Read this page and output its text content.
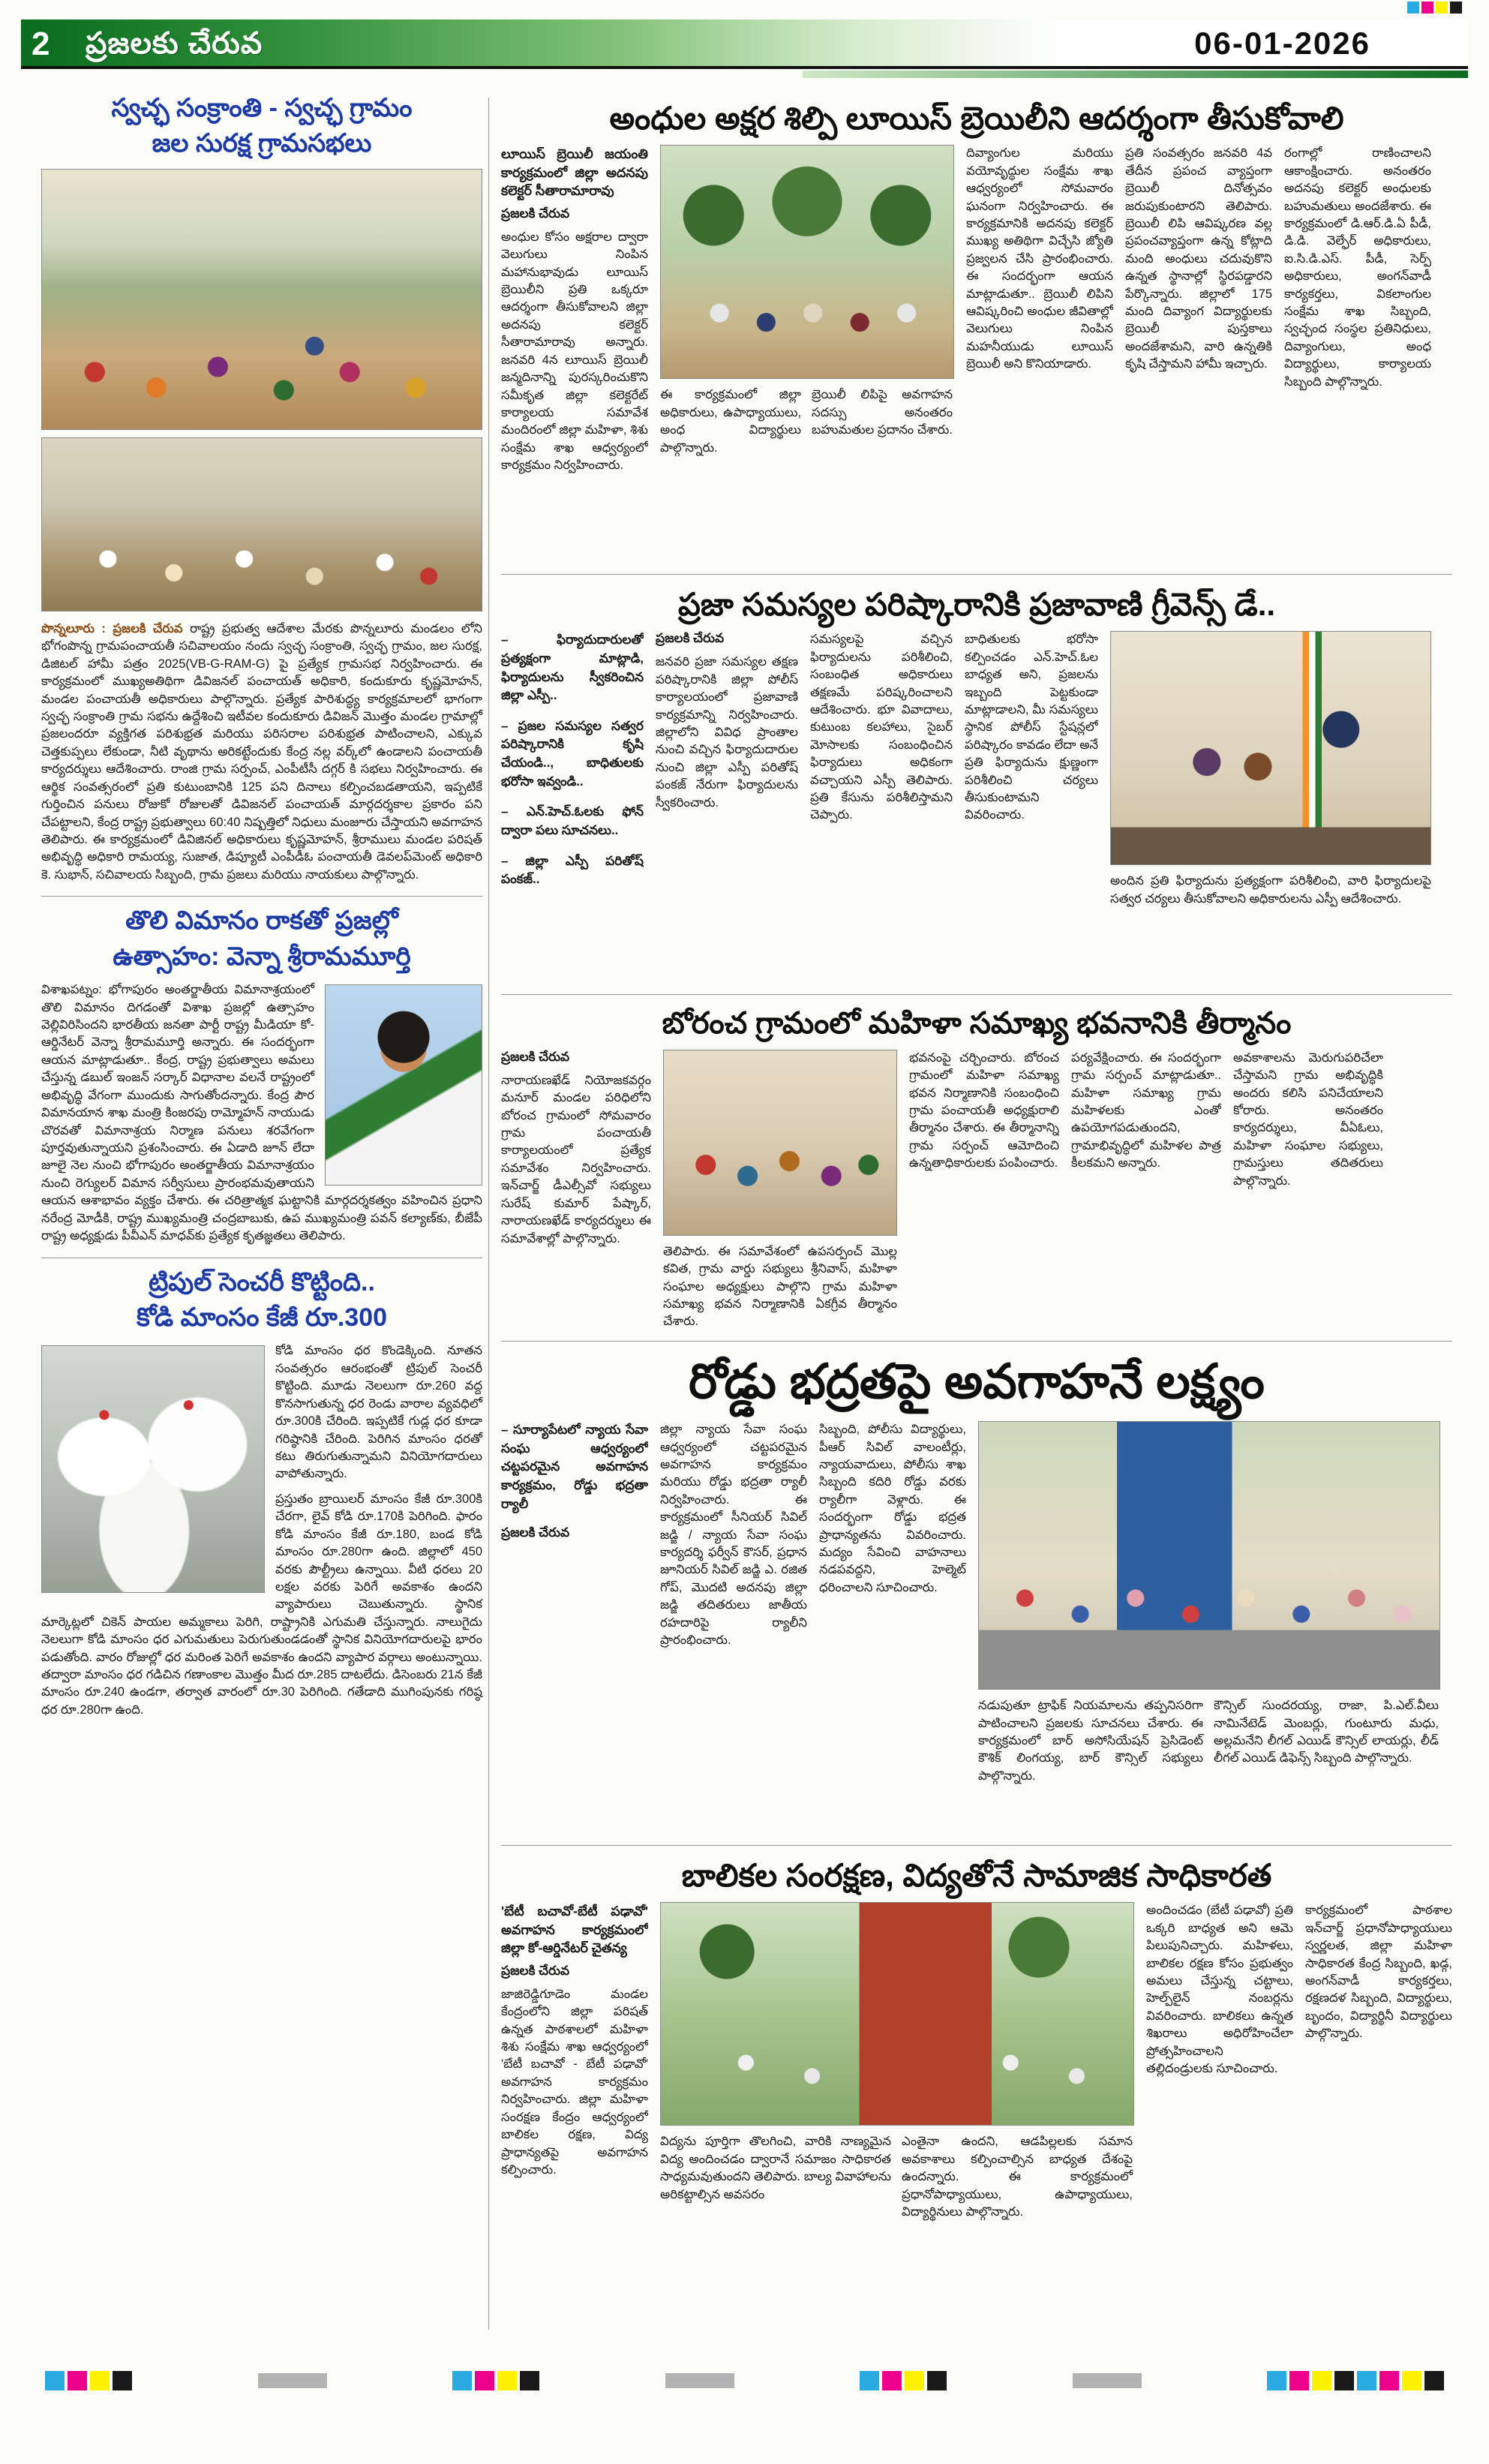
2 ప్రజలకు చేరువ	06-01-2026
స్వచ్ఛ సంక్రాంతి - స్వచ్ఛ గ్రామం
జల సురక్ష గ్రామసభలు

పొన్నలూరు : ప్రజలకి చేరువ రాష్ట్ర ప్రభుత్వ ఆదేశాల మేరకు పొన్నలూరు మండలం లోని భోగంపొన్న గ్రామపంచాయతీ సచివాలయం నందు స్వచ్ఛ సంక్రాంతి, స్వచ్ఛ గ్రామం, జల సురక్ష, డిజిటల్ హామీ పత్రం 2025(VB-G-RAM-G) పై ప్రత్యేక గ్రామసభ నిర్వహించారు. ఈ కార్యక్రమంలో ముఖ్యఅతిథిగా డివిజనల్ పంచాయత్ అధికారి, కందుకూరు కృష్ణమోహన్, మండల పంచాయతీ అధికారులు పాల్గొన్నారు. ప్రత్యేక పారిశుద్ధ్య కార్యక్రమాలలో భాగంగా స్వచ్ఛ సంక్రాంతి గ్రామ సభను ఉద్దేశించి ఇటీవల కందుకూరు డివిజన్ మొత్తం మండల గ్రామాల్లో ప్రజలందరూ వ్యక్తిగత పరిశుభ్రత మరియు పరిసరాల పరిశుభ్రత పాటించాలని, ఎక్కువ చెత్తకుప్పలు లేకుండా, నీటి వృథాను అరికట్టేందుకు కేంద్ర నల్ల వర్క్‌లో ఉండాలని పంచాయతీ కార్యదర్శులు ఆదేశించారు. రాంజి గ్రామ సర్పంచ్, ఎంపీటీసీ దగ్గర్ కి సభలు నిర్వహించారు. ఈ ఆర్థిక సంవత్సరంలో ప్రతి కుటుంబానికి 125 పని దినాలు కల్పించబడతాయని, ఇప్పటికే గుర్తించిన పనులు రోజుకో రోజులతో డివిజనల్ పంచాయత్ మార్గదర్శకాల ప్రకారం పని చేపట్టాలని, కేంద్ర రాష్ట్ర ప్రభుత్వాలు 60:40 నిష్పత్తిలో నిధులు మంజూరు చేస్తాయని అవగాహన తెలిపారు. ఈ కార్యక్రమంలో డివిజినల్ అధికారులు కృష్ణమోహన్, శ్రీరాములు మండల పరిషత్ అభివృద్ధి అధికారి రామయ్య, సుజాత, డిప్యూటీ ఎంపీడీఓ పంచాయతీ డెవలప్‌మెంట్ అధికారి కె. సుభాన్, సచివాలయ సిబ్బంది, గ్రామ ప్రజలు మరియు నాయకులు పాల్గొన్నారు.

తొలి విమానం రాకతో ప్రజల్లో
ఉత్సాహం: వెన్నా శ్రీరామమూర్తి

విశాఖపట్నం: భోగాపురం అంతర్జాతీయ విమానాశ్రయంలో తొలి విమానం దిగడంతో విశాఖ ప్రజల్లో ఉత్సాహం వెల్లివిరిసిందని భారతీయ జనతా పార్టీ రాష్ట్ర మీడియా కో-ఆర్డినేటర్ వెన్నా శ్రీరామమూర్తి అన్నారు. ఈ సందర్భంగా ఆయన మాట్లాడుతూ.. కేంద్ర, రాష్ట్ర ప్రభుత్వాలు అమలు చేస్తున్న డబుల్ ఇంజన్ సర్కార్ విధానాల వలనే రాష్ట్రంలో అభివృద్ధి వేగంగా ముందుకు సాగుతోందన్నారు. కేంద్ర పౌర విమానయాన శాఖ మంత్రి కింజరపు రామ్మోహన్ నాయుడు చొరవతో విమానాశ్రయ నిర్మాణ పనులు శరవేగంగా పూర్తవుతున్నాయని ప్రశంసించారు. ఈ ఏడాది జూన్ లేదా జూలై నెల నుంచి భోగాపురం అంతర్జాతీయ విమానాశ్రయం నుంచి రెగ్యులర్ విమాన సర్వీసులు ప్రారంభమవుతాయని ఆయన ఆశాభావం వ్యక్తం చేశారు. ఈ చరిత్రాత్మక ఘట్టానికి మార్గదర్శకత్వం వహించిన ప్రధాని నరేంద్ర మోడీకి, రాష్ట్ర ముఖ్యమంత్రి చంద్రబాబుకు, ఉప ముఖ్యమంత్రి పవన్ కల్యాణ్‌కు, బీజేపీ రాష్ట్ర అధ్యక్షుడు పీవీఎన్ మాధవ్‌కు ప్రత్యేక కృతజ్ఞతలు తెలిపారు.

ట్రిపుల్ సెంచరీ కొట్టింది..
కోడి మాంసం కేజీ రూ.300

కోడి మాంసం ధర కొండెక్కింది. నూతన సంవత్సరం ఆరంభంతో ట్రిపుల్ సెంచరీ కొట్టింది. మూడు నెలలుగా రూ.260 వద్ద కొనసాగుతున్న ధర రెండు వారాల వ్యవధిలో రూ.300కి చేరింది. ఇప్పటికే గుడ్ల ధర కూడా గరిష్ఠానికి చేరింది. పెరిగిన మాంసం ధరతో కటు తిరుగుతున్నామని వినియోగదారులు వాపోతున్నారు.

ప్రస్తుతం బ్రాయిలర్ మాంసం కేజీ రూ.300కి చేరగా, లైవ్ కోడి రూ.170కి పెరిగింది. ఫారం కోడి మాంసం కేజీ రూ.180, బండ కోడి మాంసం రూ.280గా ఉంది. జిల్లాలో 450 వరకు పౌల్ట్రీలు ఉన్నాయి. వీటి ధరలు 20 లక్షల వరకు పెరిగే అవకాశం ఉందని వ్యాపారులు చెబుతున్నారు. స్థానిక మార్కెట్లలో చికెన్ పాయల అమ్మకాలు పెరిగి, రాష్ట్రానికి ఎగుమతి చేస్తున్నారు. నాలుగైదు నెలలుగా కోడి మాంసం ధర ఎగుమతులు పెరుగుతుండడంతో స్థానిక వినియోగదారులపై భారం పడుతోంది. వారం రోజుల్లో ధర మరింత పెరిగే అవకాశం ఉందని వ్యాపార వర్గాలు అంటున్నాయి. తద్వారా మాంసం ధర గడిచిన గణాంకాల మొత్తం మీద రూ.285 దాటలేదు. డిసెంబరు 21న కేజీ మాంసం రూ.240 ఉండగా, తర్వాత వారంలో రూ.30 పెరిగింది. గతేడాది ముగింపునకు గరిష్ఠ ధర రూ.280గా ఉంది.

అంధుల అక్షర శిల్పి లూయిస్ బ్రెయిలీని ఆదర్శంగా తీసుకోవాలి

లూయిస్ బ్రెయిలీ జయంతి కార్యక్రమంలో జిల్లా అదనపు కలెక్టర్ సీతారామారావు

ప్రజలకి చేరువ

అంధుల కోసం అక్షరాల ద్వారా వెలుగులు నింపిన మహానుభావుడు లూయిస్ బ్రెయిలీని ప్రతి ఒక్కరూ ఆదర్శంగా తీసుకోవాలని జిల్లా అదనపు కలెక్టర్ సీతారామారావు అన్నారు. జనవరి 4న లూయిస్ బ్రెయిలీ జన్మదినాన్ని పురస్కరించుకొని సమీకృత జిల్లా కలెక్టరేట్ కార్యాలయ సమావేశ మందిరంలో జిల్లా మహిళా, శిశు సంక్షేమ శాఖ ఆధ్వర్యంలో కార్యక్రమం నిర్వహించారు.

ఈ కార్యక్రమంలో జిల్లా అధికారులు, ఉపాధ్యాయులు, అంధ విద్యార్థులు పాల్గొన్నారు.

బ్రెయిలీ లిపిపై అవగాహన సదస్సు అనంతరం బహుమతుల ప్రదానం చేశారు.

దివ్యాంగుల మరియు వయోవృద్ధుల సంక్షేమ శాఖ ఆధ్వర్యంలో సోమవారం ఘనంగా నిర్వహించారు. ఈ కార్యక్రమానికి అదనపు కలెక్టర్ ముఖ్య అతిథిగా విచ్చేసి జ్యోతి ప్రజ్వలన చేసి ప్రారంభించారు. ఈ సందర్భంగా ఆయన మాట్లాడుతూ.. బ్రెయిలీ లిపిని ఆవిష్కరించి అంధుల జీవితాల్లో వెలుగులు నింపిన మహనీయుడు లూయిస్ బ్రెయిలీ అని కొనియాడారు.

ప్రతి సంవత్సరం జనవరి 4వ తేదీన ప్రపంచ వ్యాప్తంగా బ్రెయిలీ దినోత్సవం జరుపుకుంటారని తెలిపారు. బ్రెయిలీ లిపి ఆవిష్కరణ వల్ల ప్రపంచవ్యాప్తంగా ఉన్న కోట్లాది మంది అంధులు చదువుకొని ఉన్నత స్థానాల్లో స్థిరపడ్డారని పేర్కొన్నారు. జిల్లాలో 175 మంది దివ్యాంగ విద్యార్థులకు బ్రెయిలీ పుస్తకాలు అందజేశామని, వారి ఉన్నతికి కృషి చేస్తామని హామీ ఇచ్చారు.

రంగాల్లో రాణించాలని ఆకాంక్షించారు. అనంతరం అదనపు కలెక్టర్ అంధులకు బహుమతులు అందజేశారు. ఈ కార్యక్రమంలో డి.ఆర్.డి.ఏ పీడీ, డి.డి. వెల్ఫేర్ అధికారులు, ఐ.సి.డి.ఎస్. పీడీ, సెర్ప్ అధికారులు, అంగన్‌వాడీ కార్యకర్తలు, వికలాంగుల సంక్షేమ శాఖ సిబ్బంది, స్వచ్ఛంద సంస్థల ప్రతినిధులు, దివ్యాంగులు, అంధ విద్యార్థులు, కార్యాలయ సిబ్బంది పాల్గొన్నారు.

ప్రజా సమస్యల పరిష్కారానికి ప్రజావాణి గ్రీవెన్స్ డే..

– ఫిర్యాదుదారులతో ప్రత్యక్షంగా మాట్లాడి, ఫిర్యాదులను స్వీకరించిన జిల్లా ఎస్పీ..

– ప్రజల సమస్యల సత్వర పరిష్కారానికి కృషి చేయండి.., బాధితులకు భరోసా ఇవ్వండి..

– ఎన్.హెచ్.ఓలకు ఫోన్ ద్వారా పలు సూచనలు..

– జిల్లా ఎస్పీ పరితోష్ పంకజ్..

ప్రజలకి చేరువ

జనవరి ప్రజా సమస్యల తక్షణ పరిష్కారానికి జిల్లా పోలీస్ కార్యాలయంలో ప్రజావాణి కార్యక్రమాన్ని నిర్వహించారు. జిల్లాలోని వివిధ ప్రాంతాల నుంచి వచ్చిన ఫిర్యాదుదారుల నుంచి జిల్లా ఎస్పీ పరితోష్ పంకజ్ నేరుగా ఫిర్యాదులను స్వీకరించారు.

సమస్యలపై వచ్చిన ఫిర్యాదులను పరిశీలించి, సంబంధిత అధికారులు తక్షణమే పరిష్కరించాలని ఆదేశించారు. భూ వివాదాలు, కుటుంబ కలహాలు, సైబర్ మోసాలకు సంబంధించిన ఫిర్యాదులు అధికంగా వచ్చాయని ఎస్పీ తెలిపారు. ప్రతి కేసును పరిశీలిస్తామని చెప్పారు.

బాధితులకు భరోసా కల్పించడం ఎన్.హెచ్.ఓల బాధ్యత అని, ప్రజలను ఇబ్బంది పెట్టకుండా మాట్లాడాలని, మీ సమస్యలు స్థానిక పోలీస్ స్టేషన్లలో పరిష్కారం కావడం లేదా అనే ప్రతి ఫిర్యాదును క్షుణ్ణంగా పరిశీలించి చర్యలు తీసుకుంటామని వివరించారు.

అందిన ప్రతి ఫిర్యాదును ప్రత్యక్షంగా పరిశీలించి, వారి ఫిర్యాదులపై సత్వర చర్యలు తీసుకోవాలని అధికారులను ఎస్పీ ఆదేశించారు.

బోరంచ గ్రామంలో మహిళా సమాఖ్య భవనానికి తీర్మానం

ప్రజలకి చేరువ

నారాయణఖేడ్ నియోజకవర్గం మనూర్ మండల పరిధిలోని బోరంచ గ్రామంలో సోమవారం గ్రామ పంచాయతీ కార్యాలయంలో ప్రత్యేక సమావేశం నిర్వహించారు. ఇన్‌చార్జ్ డీఎల్సీవో సభ్యులు సురేష్ కుమార్ పేష్కార్, నారాయణఖేడ్ కార్యదర్శులు ఈ సమావేశాల్లో పాల్గొన్నారు.

తెలిపారు. ఈ సమావేశంలో ఉపసర్పంచ్ మొల్ల కవిత, గ్రామ వార్డు సభ్యులు శ్రీనివాస్, మహిళా సంఘాల అధ్యక్షులు పాల్గొని గ్రామ మహిళా సమాఖ్య భవన నిర్మాణానికి ఏకగ్రీవ తీర్మానం చేశారు.

భవనంపై చర్చించారు. బోరంచ గ్రామంలో మహిళా సమాఖ్య భవన నిర్మాణానికి సంబంధించి గ్రామ పంచాయతీ అధ్యక్షురాలి తీర్మానం చేశారు. ఈ తీర్మానాన్ని గ్రామ సర్పంచ్ ఆమోదించి ఉన్నతాధికారులకు పంపించారు.

పర్యవేక్షించారు. ఈ సందర్భంగా గ్రామ సర్పంచ్ మాట్లాడుతూ.. మహిళా సమాఖ్య గ్రామ మహిళలకు ఎంతో ఉపయోగపడుతుందని, గ్రామాభివృద్ధిలో మహిళల పాత్ర కీలకమని అన్నారు.

అవకాశాలను మెరుగుపరిచేలా చేస్తామని గ్రామ అభివృద్ధికి అందరు కలిసి పనిచేయాలని కోరారు. అనంతరం కార్యదర్శులు, వీఏఓలు, మహిళా సంఘాల సభ్యులు, గ్రామస్తులు తదితరులు పాల్గొన్నారు.

రోడ్డు భద్రతపై అవగాహనే లక్ష్యం

– సూర్యాపేటలో న్యాయ సేవా సంఘ ఆధ్వర్యంలో చట్టపరమైన అవగాహన కార్యక్రమం, రోడ్డు భద్రతా ర్యాలీ

ప్రజలకి చేరువ

జిల్లా న్యాయ సేవా సంఘ ఆధ్వర్యంలో చట్టపరమైన అవగాహన కార్యక్రమం మరియు రోడ్డు భద్రతా ర్యాలీ నిర్వహించారు. ఈ కార్యక్రమంలో సీనియర్ సివిల్ జడ్జి / న్యాయ సేవా సంఘ కార్యదర్శి ఫర్వీన్ కౌసర్, ప్రధాన జూనియర్ సివిల్ జడ్జి ఎ. రజిత గోప్, మొదటి అదనపు జిల్లా జడ్జి తదితరులు జాతీయ రహదారిపై ర్యాలీని ప్రారంభించారు.

సిబ్బంది, పోలీసు విద్యార్థులు, పీఆర్ సివిల్ వాలంటీర్లు, న్యాయవాదులు, పోలీసు శాఖ సిబ్బంది కదిరి రోడ్డు వరకు ర్యాలీగా వెళ్లారు. ఈ సందర్భంగా రోడ్డు భద్రత ప్రాధాన్యతను వివరించారు. మద్యం సేవించి వాహనాలు నడపవద్దని, హెల్మెట్ ధరించాలని సూచించారు.

నడుపుతూ ట్రాఫిక్ నియమాలను తప్పనిసరిగా పాటించాలని ప్రజలకు సూచనలు చేశారు. ఈ కార్యక్రమంలో బార్ అసోసియేషన్ ప్రెసిడెంట్ కౌశిక్ లింగయ్య, బార్ కౌన్సిల్ సభ్యులు పాల్గొన్నారు.

కౌన్సిల్ సుందరయ్య, రాజా, పి.ఎల్.వీలు నామినేటెడ్ మెంబర్లు, గుంటూరు మధు, అల్లమనేని లీగల్ ఎయిడ్ కౌన్సిల్ లాయర్లు, లీడ్ లీగల్ ఎయిడ్ డిఫెన్స్ సిబ్బంది పాల్గొన్నారు.

బాలికల సంరక్షణ, విద్యతోనే సామాజిక సాధికారత

'బేటీ బచావో-బేటీ పఢావో' అవగాహన కార్యక్రమంలో జిల్లా కో-ఆర్డినేటర్ చైతన్య

ప్రజలకి చేరువ

జాజిరెడ్డిగూడెం మండల కేంద్రంలోని జిల్లా పరిషత్ ఉన్నత పాఠశాలలో మహిళా శిశు సంక్షేమ శాఖ ఆధ్వర్యంలో 'బేటీ బచావో - బేటీ పఢావో' అవగాహన కార్యక్రమం నిర్వహించారు. జిల్లా మహిళా సంరక్షణ కేంద్రం ఆధ్వర్యంలో బాలికల రక్షణ, విద్య ప్రాధాన్యతపై అవగాహన కల్పించారు.

విద్యను పూర్తిగా తొలగించి, వారికి నాణ్యమైన విద్య అందించడం ద్వారానే సమాజం సాధికారత సాధ్యమవుతుందని తెలిపారు. బాల్య వివాహాలను అరికట్టాల్సిన అవసరం

ఎంతైనా ఉందని, ఆడపిల్లలకు సమాన అవకాశాలు కల్పించాల్సిన బాధ్యత దేశంపై ఉందన్నారు. ఈ కార్యక్రమంలో ప్రధానోపాధ్యాయులు, ఉపాధ్యాయులు, విద్యార్థినులు పాల్గొన్నారు.

అందించడం (బేటీ పఢావో) ప్రతి ఒక్కరి బాధ్యత అని ఆమె పిలుపునిచ్చారు. మహిళలు, బాలికల రక్షణ కోసం ప్రభుత్వం అమలు చేస్తున్న చట్టాలు, హెల్ప్‌లైన్ నంబర్లను వివరించారు. బాలికలు ఉన్నత శిఖరాలు అధిరోహించేలా ప్రోత్సహించాలని తల్లిదండ్రులకు సూచించారు.

కార్యక్రమంలో పాఠశాల ఇన్‌చార్జ్ ప్రధానోపాధ్యాయులు స్వర్ణలత, జిల్లా మహిళా సాధికారత కేంద్ర సిబ్బంది, ఖడ్గ, అంగన్‌వాడీ కార్యకర్తలు, రక్షణదళ సిబ్బంది, విద్యార్థులు, బృందం, విద్యార్థినీ విద్యార్థులు పాల్గొన్నారు.
